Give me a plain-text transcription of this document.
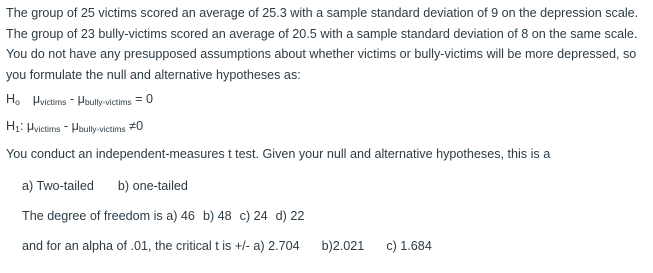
The group of 25 victims scored an average of 25.3 with a sample standard deviation of 9 on the depression scale. The group of 23 bully-victims scored an average of 20.5 with a sample standard deviation of 8 on the same scale. You do not have any presupposed assumptions about whether victims or bully-victims will be more depressed, so you formulate the null and alternative hypotheses as:
$H_o$ $\mu_{victims} - \mu_{bully-victims} = 0$
$H_1$: $\mu_{victims} - \mu_{bully-victims} \ne 0$
You conduct an independent-measures t test. Given your null and alternative hypotheses, this is a
a) Two-tailed b) one-tailed
The degree of freedom is a) 46 b) 48 c) 24 d) 22
and for an alpha of .01, the critical t is +/- a) 2.704 b)2.021 c) 1.684
